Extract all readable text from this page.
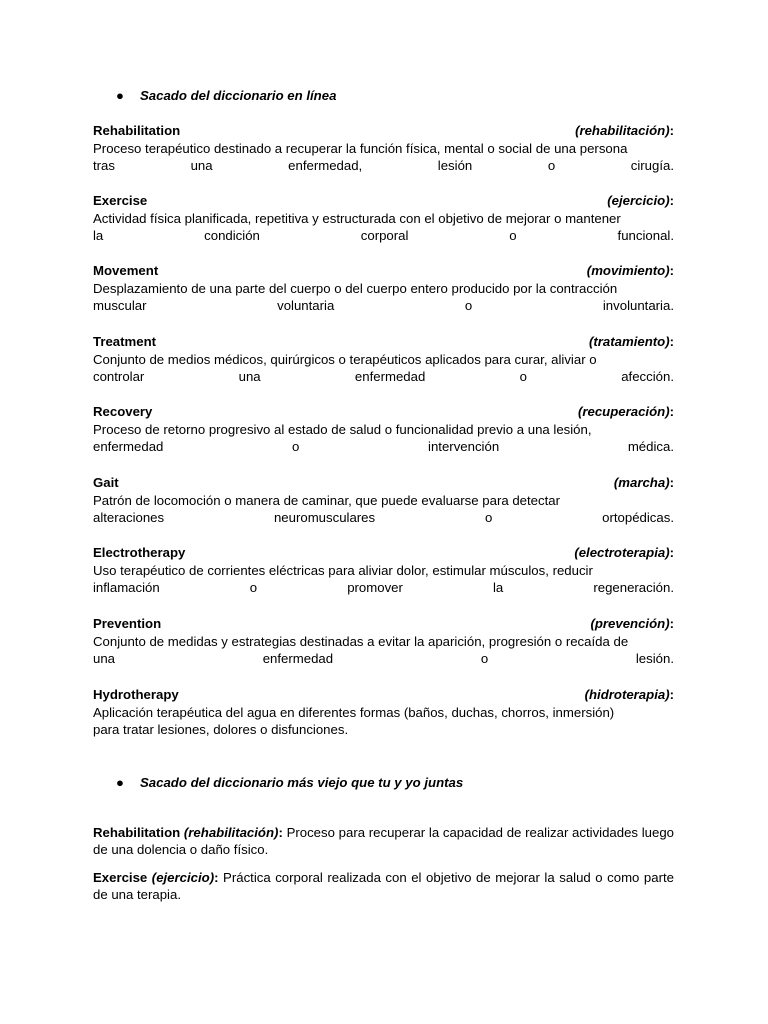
● Sacado del diccionario en línea
Rehabilitation	(rehabilitación):
Proceso terapéutico destinado a recuperar la función física, mental o social de una persona
tras una enfermedad, lesión o cirugía.
Exercise	(ejercicio):
Actividad física planificada, repetitiva y estructurada con el objetivo de mejorar o mantener
la condición corporal o funcional.
Movement	(movimiento):
Desplazamiento de una parte del cuerpo o del cuerpo entero producido por la contracción
muscular voluntaria o involuntaria.
Treatment	(tratamiento):
Conjunto de medios médicos, quirúrgicos o terapéuticos aplicados para curar, aliviar o
controlar una enfermedad o afección.
Recovery	(recuperación):
Proceso de retorno progresivo al estado de salud o funcionalidad previo a una lesión,
enfermedad o intervención médica.
Gait	(marcha):
Patrón de locomoción o manera de caminar, que puede evaluarse para detectar
alteraciones neuromusculares o ortopédicas.
Electrotherapy	(electroterapia):
Uso terapéutico de corrientes eléctricas para aliviar dolor, estimular músculos, reducir
inflamación o promover la regeneración.
Prevention	(prevención):
Conjunto de medidas y estrategias destinadas a evitar la aparición, progresión o recaída de
una enfermedad o lesión.
Hydrotherapy	(hidroterapia):
Aplicación terapéutica del agua en diferentes formas (baños, duchas, chorros, inmersión)
para tratar lesiones, dolores o disfunciones.
● Sacado del diccionario más viejo que tu y yo juntas
Rehabilitation (rehabilitación): Proceso para recuperar la capacidad de realizar actividades luego de una dolencia o daño físico.
Exercise (ejercicio): Práctica corporal realizada con el objetivo de mejorar la salud o como parte de una terapia.
